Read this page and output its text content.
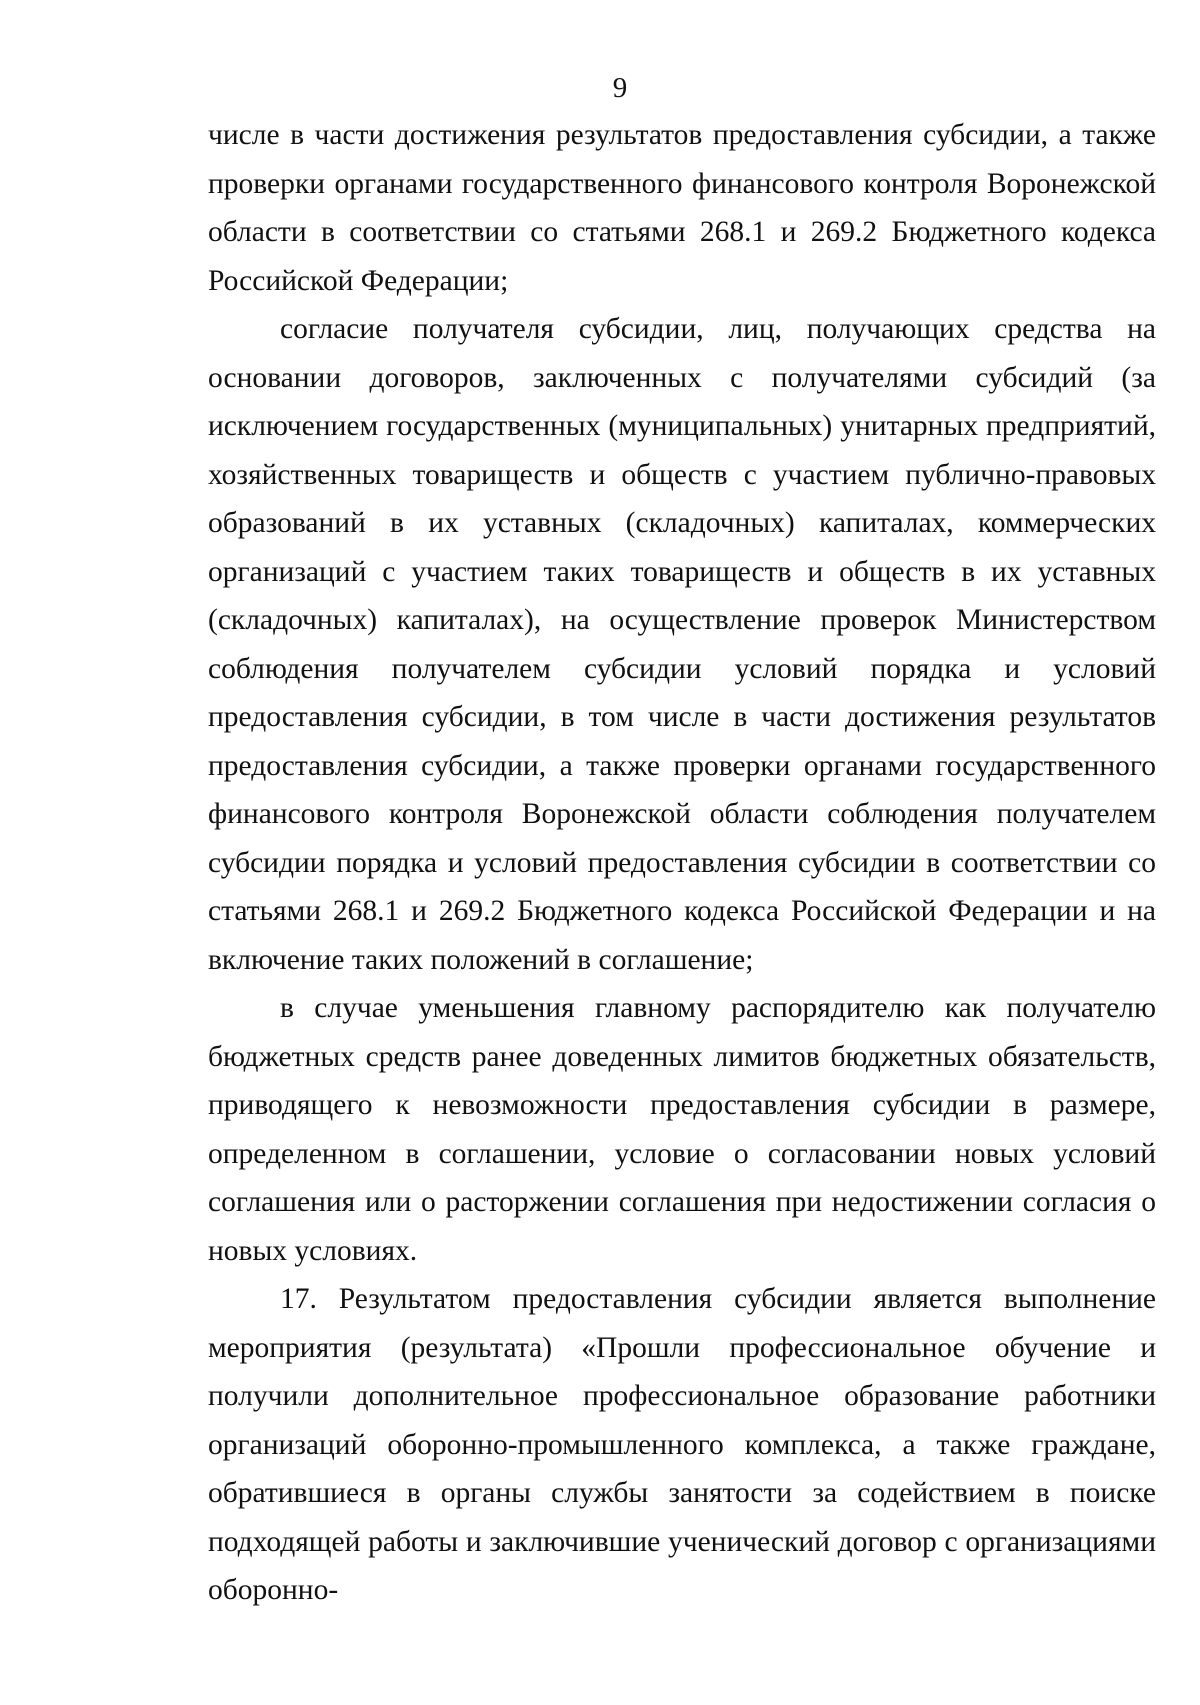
9

числе в части достижения результатов предоставления субсидии, а также проверки органами государственного финансового контроля Воронежской области в соответствии со статьями 268.1 и 269.2 Бюджетного кодекса Российской Федерации;

согласие получателя субсидии, лиц, получающих средства на основании договоров, заключенных с получателями субсидий (за исключением государственных (муниципальных) унитарных предприятий, хозяйственных товариществ и обществ с участием публично-правовых образований в их уставных (складочных) капиталах, коммерческих организаций с участием таких товариществ и обществ в их уставных (складочных) капиталах), на осуществление проверок Министерством соблюдения получателем субсидии условий порядка и условий предоставления субсидии, в том числе в части достижения результатов предоставления субсидии, а также проверки органами государственного финансового контроля Воронежской области соблюдения получателем субсидии порядка и условий предоставления субсидии в соответствии со статьями 268.1 и 269.2 Бюджетного кодекса Российской Федерации и на включение таких положений в соглашение;

в случае уменьшения главному распорядителю как получателю бюджетных средств ранее доведенных лимитов бюджетных обязательств, приводящего к невозможности предоставления субсидии в размере, определенном в соглашении, условие о согласовании новых условий соглашения или о расторжении соглашения при недостижении согласия о новых условиях.

17. Результатом предоставления субсидии является выполнение мероприятия (результата) «Прошли профессиональное обучение и получили дополнительное профессиональное образование работники организаций оборонно-промышленного комплекса, а также граждане, обратившиеся в органы службы занятости за содействием в поиске подходящей работы и заключившие ученический договор с организациями оборонно-
